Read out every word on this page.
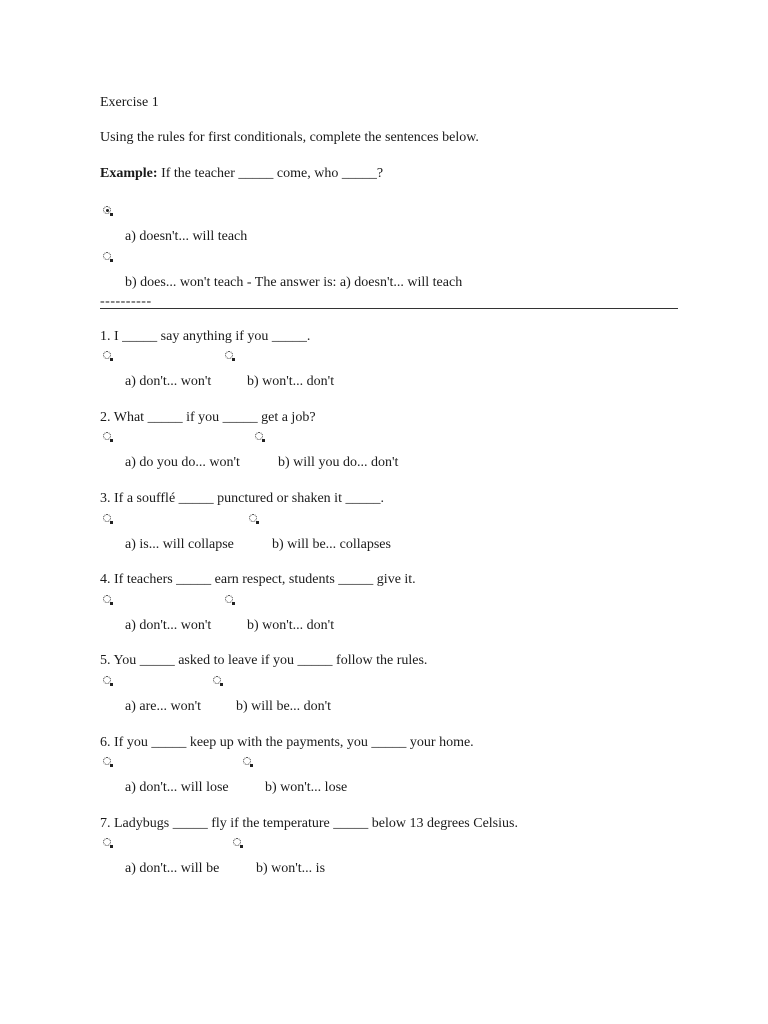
Exercise 1
Using the rules for first conditionals, complete the sentences below.
Example: If the teacher _____ come, who _____?
a) doesn't... will teach
b) does... won't teach - The answer is: a) doesn't... will teach
----------
1. I _____ say anything if you _____.
a) don't... won't	b) won't... don't
2. What _____ if you _____ get a job?
a) do you do... won't	b) will you do... don't
3. If a soufflé _____ punctured or shaken it _____.
a) is... will collapse	b) will be... collapses
4. If teachers _____ earn respect, students _____ give it.
a) don't... won't	b) won't... don't
5. You _____ asked to leave if you _____ follow the rules.
a) are... won't	b) will be... don't
6. If you _____ keep up with the payments, you _____ your home.
a) don't... will lose	b) won't... lose
7. Ladybugs _____ fly if the temperature _____ below 13 degrees Celsius.
a) don't... will be	b) won't... is
